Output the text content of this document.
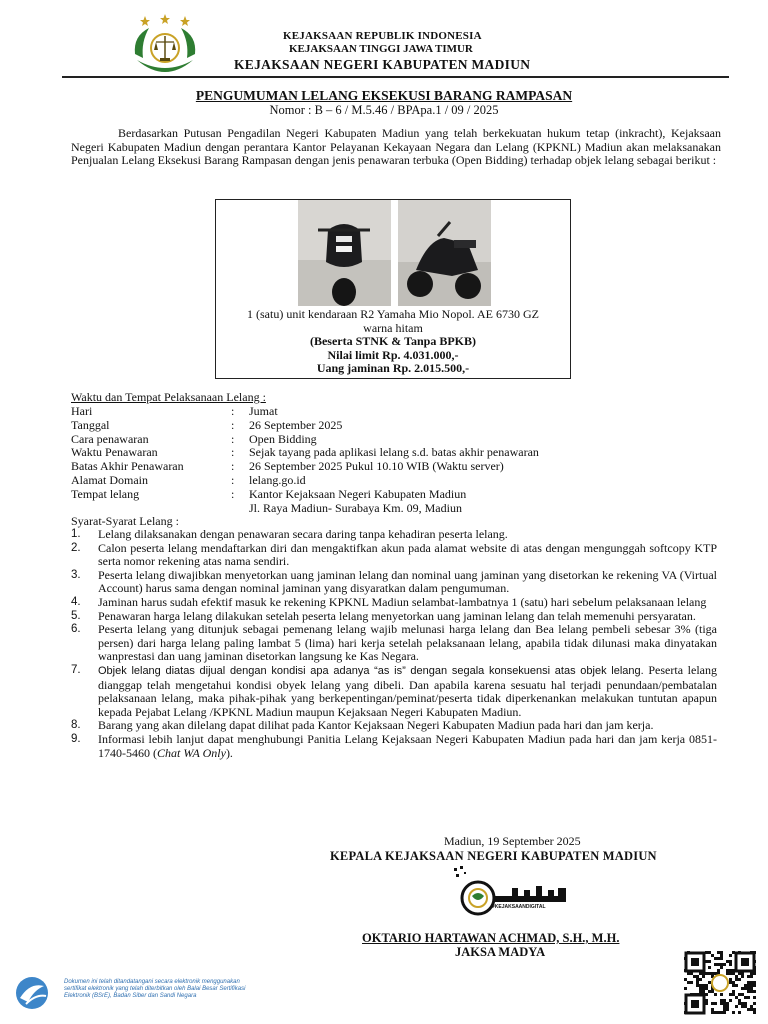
KEJAKSAAN REPUBLIK INDONESIA
KEJAKSAAN TINGGI JAWA TIMUR
KEJAKSAAN NEGERI KABUPATEN MADIUN
PENGUMUMAN LELANG EKSEKUSI BARANG RAMPASAN
Nomor : B – 6 / M.5.46 / BPApa.1 / 09 / 2025
Berdasarkan Putusan Pengadilan Negeri Kabupaten Madiun yang telah berkekuatan hukum tetap (inkracht), Kejaksaan Negeri Kabupaten Madiun dengan perantara Kantor Pelayanan Kekayaan Negara dan Lelang (KPKNL) Madiun akan melaksanakan Penjualan Lelang Eksekusi Barang Rampasan dengan jenis penawaran terbuka (Open Bidding) terhadap objek lelang sebagai berikut :
1 (satu) unit kendaraan R2 Yamaha Mio Nopol. AE 6730 GZ
warna hitam
(Beserta STNK & Tanpa BPKB)
Nilai limit Rp. 4.031.000,-
Uang jaminan Rp. 2.015.500,-
Waktu dan Tempat Pelaksanaan Lelang :
Hari	: Jumat
Tanggal	: 26 September 2025
Cara penawaran	: Open Bidding
Waktu Penawaran	: Sejak tayang pada aplikasi lelang s.d. batas akhir penawaran
Batas Akhir Penawaran	: 26 September 2025 Pukul 10.10 WIB (Waktu server)
Alamat Domain	: lelang.go.id
Tempat lelang	: Kantor Kejaksaan Negeri Kabupaten Madiun
Jl. Raya Madiun- Surabaya Km. 09, Madiun
Syarat-Syarat Lelang :
1. Lelang dilaksanakan dengan penawaran secara daring tanpa kehadiran peserta lelang.
2. Calon peserta lelang mendaftarkan diri dan mengaktifkan akun pada alamat website di atas dengan mengunggah softcopy KTP serta nomor rekening atas nama sendiri.
3. Peserta lelang diwajibkan menyetorkan uang jaminan lelang dan nominal uang jaminan yang disetorkan ke rekening VA (Virtual Account) harus sama dengan nominal jaminan yang disyaratkan dalam pengumuman.
4. Jaminan harus sudah efektif masuk ke rekening KPKNL Madiun selambat-lambatnya 1 (satu) hari sebelum pelaksanaan lelang
5. Penawaran harga lelang dilakukan setelah peserta lelang menyetorkan uang jaminan lelang dan telah memenuhi persyaratan.
6. Peserta lelang yang ditunjuk sebagai pemenang lelang wajib melunasi harga lelang dan Bea lelang pembeli sebesar 3% (tiga persen) dari harga lelang paling lambat 5 (lima) hari kerja setelah pelaksanaan lelang, apabila tidak dilunasi maka dinyatakan wanprestasi dan uang jaminan disetorkan langsung ke Kas Negara.
7. Objek lelang diatas dijual dengan kondisi apa adanya “as is” dengan segala konsekuensi atas objek lelang. Peserta lelang dianggap telah mengetahui kondisi obyek lelang yang dibeli. Dan apabila karena sesuatu hal terjadi penundaan/pembatalan pelaksanaan lelang, maka pihak-pihak yang berkepentingan/peminat/peserta tidak diperkenankan melakukan tuntutan apapun kepada Pejabat Lelang /KPKNL Madiun maupun Kejaksaan Negeri Kabupaten Madiun.
8. Barang yang akan dilelang dapat dilihat pada Kantor Kejaksaan Negeri Kabupaten Madiun pada hari dan jam kerja.
9. Informasi lebih lanjut dapat menghubungi Panitia Lelang Kejaksaan Negeri Kabupaten Madiun pada hari dan jam kerja 0851-1740-5460 (Chat WA Only).
Madiun, 19 September 2025
KEPALA KEJAKSAAN NEGERI KABUPATEN MADIUN
#KEJAKSAANDIGITAL
OKTARIO HARTAWAN ACHMAD, S.H., M.H.
JAKSA MADYA
Dokumen ini telah ditandatangani secara elektronik menggunakan sertifikat elektronik yang telah diterbitkan oleh Balai Besar Sertifikasi Elektronik (BSrE), Badan Siber dan Sandi Negara
